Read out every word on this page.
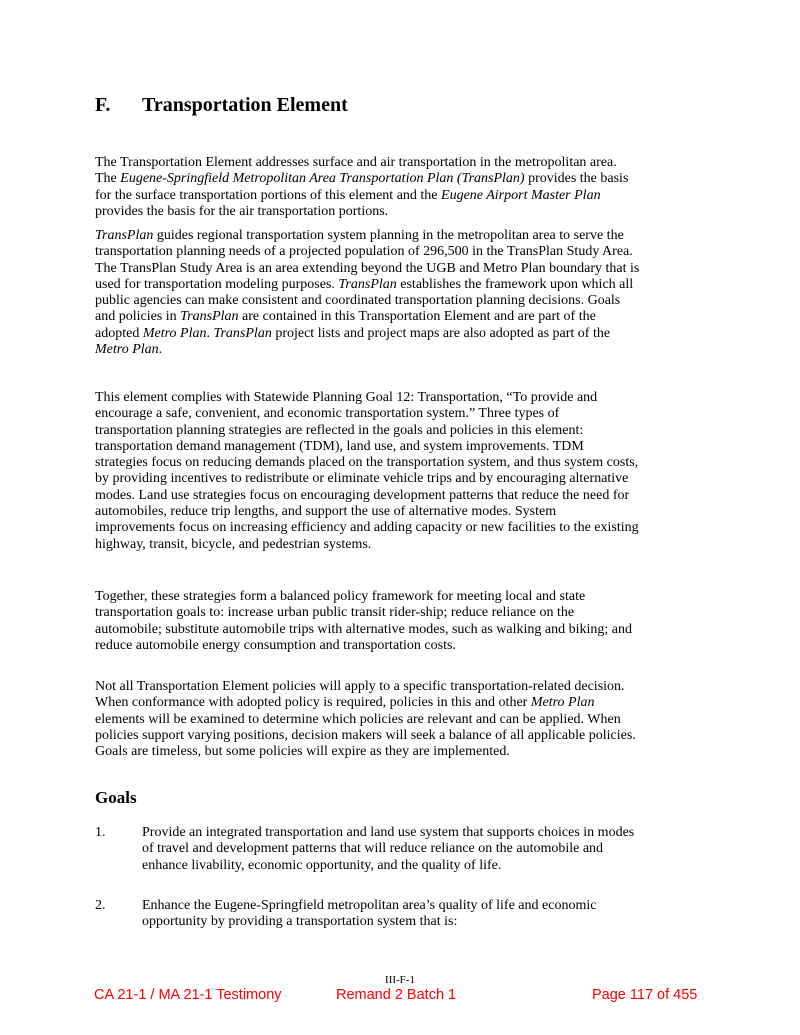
F. Transportation Element
The Transportation Element addresses surface and air transportation in the metropolitan area.
The Eugene-Springfield Metropolitan Area Transportation Plan (TransPlan) provides the basis
for the surface transportation portions of this element and the Eugene Airport Master Plan
provides the basis for the air transportation portions.
TransPlan guides regional transportation system planning in the metropolitan area to serve the
transportation planning needs of a projected population of 296,500 in the TransPlan Study Area.
The TransPlan Study Area is an area extending beyond the UGB and Metro Plan boundary that is
used for transportation modeling purposes. TransPlan establishes the framework upon which all
public agencies can make consistent and coordinated transportation planning decisions. Goals
and policies in TransPlan are contained in this Transportation Element and are part of the
adopted Metro Plan. TransPlan project lists and project maps are also adopted as part of the
Metro Plan.
This element complies with Statewide Planning Goal 12: Transportation, “To provide and
encourage a safe, convenient, and economic transportation system.” Three types of
transportation planning strategies are reflected in the goals and policies in this element:
transportation demand management (TDM), land use, and system improvements. TDM
strategies focus on reducing demands placed on the transportation system, and thus system costs,
by providing incentives to redistribute or eliminate vehicle trips and by encouraging alternative
modes. Land use strategies focus on encouraging development patterns that reduce the need for
automobiles, reduce trip lengths, and support the use of alternative modes. System
improvements focus on increasing efficiency and adding capacity or new facilities to the existing
highway, transit, bicycle, and pedestrian systems.
Together, these strategies form a balanced policy framework for meeting local and state
transportation goals to: increase urban public transit rider-ship; reduce reliance on the
automobile; substitute automobile trips with alternative modes, such as walking and biking; and
reduce automobile energy consumption and transportation costs.
Not all Transportation Element policies will apply to a specific transportation-related decision.
When conformance with adopted policy is required, policies in this and other Metro Plan
elements will be examined to determine which policies are relevant and can be applied. When
policies support varying positions, decision makers will seek a balance of all applicable policies.
Goals are timeless, but some policies will expire as they are implemented.
Goals
1.	Provide an integrated transportation and land use system that supports choices in modes
of travel and development patterns that will reduce reliance on the automobile and
enhance livability, economic opportunity, and the quality of life.
2.	Enhance the Eugene-Springfield metropolitan area’s quality of life and economic
opportunity by providing a transportation system that is:
III-F-1
CA 21-1 / MA 21-1 Testimony	Remand 2 Batch 1	Page 117 of 455
